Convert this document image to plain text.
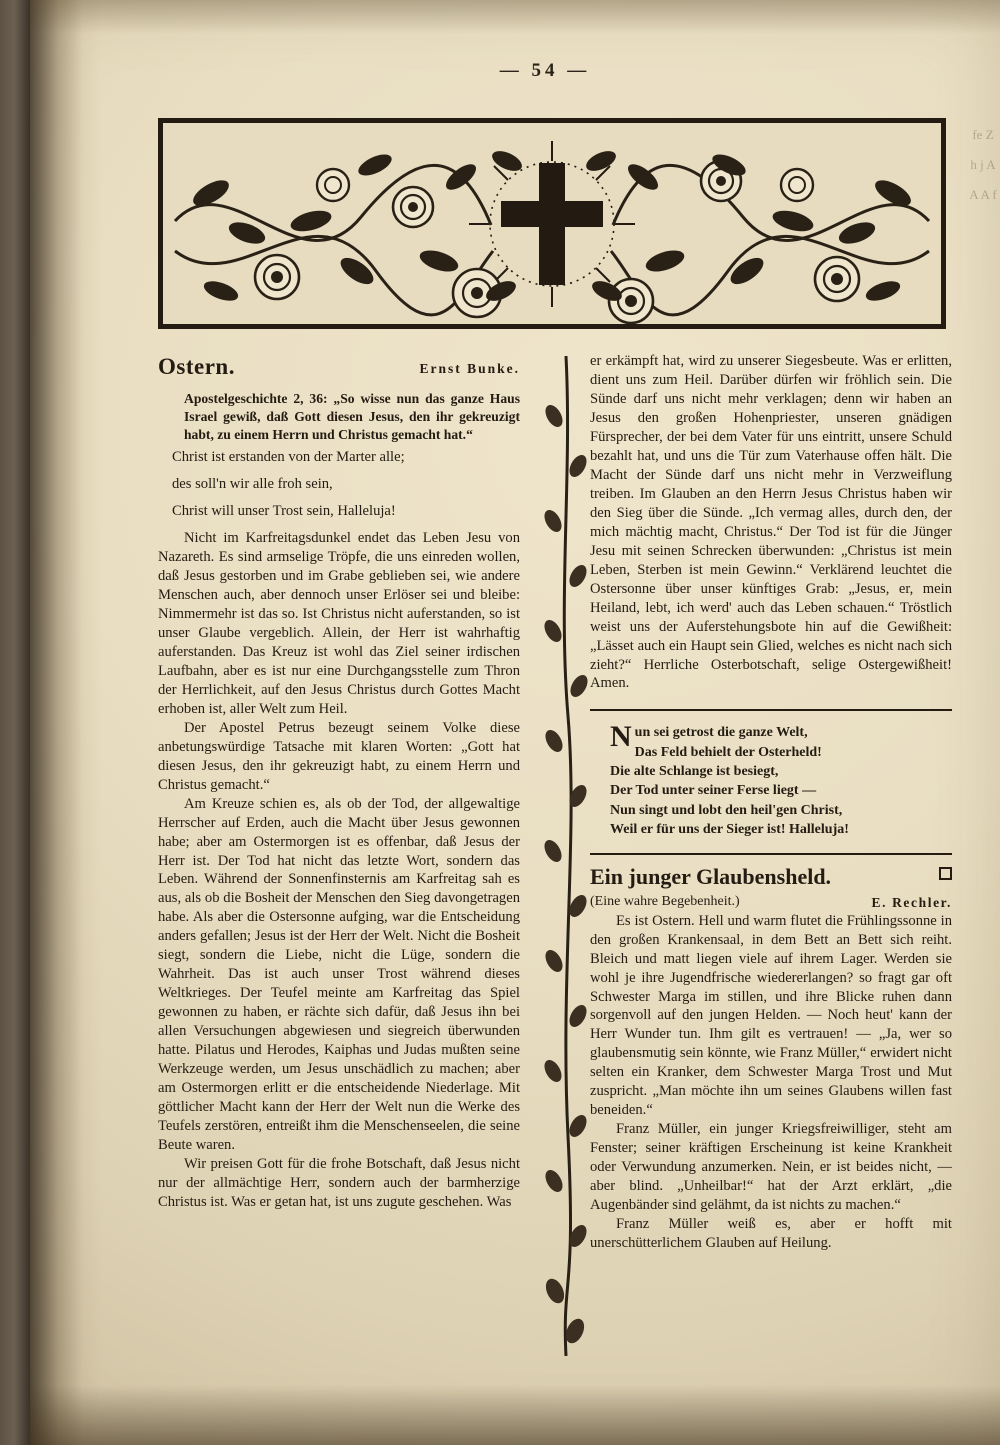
fe Z h j A A A f
— 54 —
Ostern.	Ernst Bunke.
Apostelgeschichte 2, 36: „So wisse nun das ganze Haus Israel gewiß, daß Gott diesen Jesus, den ihr gekreuzigt habt, zu einem Herrn und Christus gemacht hat.“

Christ ist erstanden von der Marter alle;

des soll'n wir alle froh sein,

Christ will unser Trost sein, Halleluja!

Nicht im Karfreitagsdunkel endet das Leben Jesu von Nazareth. Es sind armselige Tröpfe, die uns einreden wollen, daß Jesus gestorben und im Grabe geblieben sei, wie andere Menschen auch, aber dennoch unser Erlöser sei und bleibe: Nimmermehr ist das so. Ist Christus nicht auferstanden, so ist unser Glaube vergeblich. Allein, der Herr ist wahrhaftig auferstanden. Das Kreuz ist wohl das Ziel seiner irdischen Laufbahn, aber es ist nur eine Durchgangsstelle zum Thron der Herrlichkeit, auf den Jesus Christus durch Gottes Macht erhoben ist, aller Welt zum Heil.

Der Apostel Petrus bezeugt seinem Volke diese anbetungswürdige Tatsache mit klaren Worten: „Gott hat diesen Jesus, den ihr gekreuzigt habt, zu einem Herrn und Christus gemacht.“

Am Kreuze schien es, als ob der Tod, der allgewaltige Herrscher auf Erden, auch die Macht über Jesus gewonnen habe; aber am Ostermorgen ist es offenbar, daß Jesus der Herr ist. Der Tod hat nicht das letzte Wort, sondern das Leben. Während der Sonnenfinsternis am Karfreitag sah es aus, als ob die Bosheit der Menschen den Sieg davongetragen habe. Als aber die Ostersonne aufging, war die Entscheidung anders gefallen; Jesus ist der Herr der Welt. Nicht die Bosheit siegt, sondern die Liebe, nicht die Lüge, sondern die Wahrheit. Das ist auch unser Trost während dieses Weltkrieges. Der Teufel meinte am Karfreitag das Spiel gewonnen zu haben, er rächte sich dafür, daß Jesus ihn bei allen Versuchungen abgewiesen und siegreich überwunden hatte. Pilatus und Herodes, Kaiphas und Judas mußten seine Werkzeuge werden, um Jesus unschädlich zu machen; aber am Ostermorgen erlitt er die entscheidende Niederlage. Mit göttlicher Macht kann der Herr der Welt nun die Werke des Teufels zerstören, entreißt ihm die Menschenseelen, die seine Beute waren.

Wir preisen Gott für die frohe Botschaft, daß Jesus nicht nur der allmächtige Herr, sondern auch der barmherzige Christus ist. Was er getan hat, ist uns zugute geschehen. Was

er erkämpft hat, wird zu unserer Siegesbeute. Was er erlitten, dient uns zum Heil. Darüber dürfen wir fröhlich sein. Die Sünde darf uns nicht mehr verklagen; denn wir haben an Jesus den großen Hohenpriester, unseren gnädigen Fürsprecher, der bei dem Vater für uns eintritt, unsere Schuld bezahlt hat, und uns die Tür zum Vaterhause offen hält. Die Macht der Sünde darf uns nicht mehr in Verzweiflung treiben. Im Glauben an den Herrn Jesus Christus haben wir den Sieg über die Sünde. „Ich vermag alles, durch den, der mich mächtig macht, Christus.“ Der Tod ist für die Jünger Jesu mit seinen Schrecken überwunden: „Christus ist mein Leben, Sterben ist mein Gewinn.“ Verklärend leuchtet die Ostersonne über unser künftiges Grab: „Jesus, er, mein Heiland, lebt, ich werd' auch das Leben schauen.“ Tröstlich weist uns der Auferstehungsbote hin auf die Gewißheit: „Lässet auch ein Haupt sein Glied, welches es nicht nach sich zieht?“ Herrliche Osterbotschaft, selige Ostergewißheit! Amen.

N un sei getrost die ganze Welt,
Das Feld behielt der Osterheld!
Die alte Schlange ist besiegt,
Der Tod unter seiner Ferse liegt —
Nun singt und lobt den heil'gen Christ,
Weil er für uns der Sieger ist! Halleluja!
Ein junger Glaubensheld.
(Eine wahre Begebenheit.)	E. Rechler.

Es ist Ostern. Hell und warm flutet die Frühlingssonne in den großen Krankensaal, in dem Bett an Bett sich reiht. Bleich und matt liegen viele auf ihrem Lager. Werden sie wohl je ihre Jugendfrische wiedererlangen? so fragt gar oft Schwester Marga im stillen, und ihre Blicke ruhen dann sorgenvoll auf den jungen Helden. — Noch heut' kann der Herr Wunder tun. Ihm gilt es vertrauen! — „Ja, wer so glaubensmutig sein könnte, wie Franz Müller,“ erwidert nicht selten ein Kranker, dem Schwester Marga Trost und Mut zuspricht. „Man möchte ihn um seines Glaubens willen fast beneiden.“

Franz Müller, ein junger Kriegsfreiwilliger, steht am Fenster; seiner kräftigen Erscheinung ist keine Krankheit oder Verwundung anzumerken. Nein, er ist beides nicht, — aber blind. „Unheilbar!“ hat der Arzt erklärt, „die Augenbänder sind gelähmt, da ist nichts zu machen.“

Franz Müller weiß es, aber er hofft mit unerschütterlichem Glauben auf Heilung.
